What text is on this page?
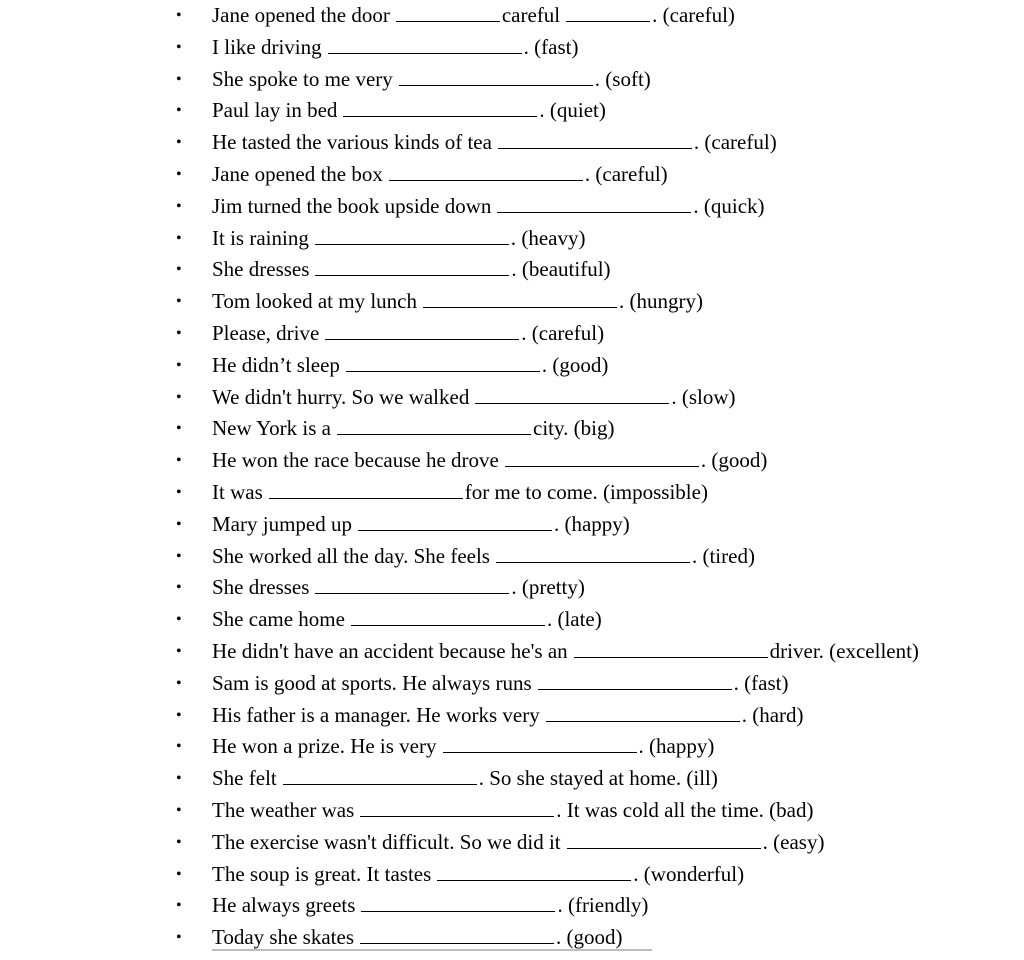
• Jane opened the door	careful	. (careful)
• I like driving	. (fast)
• She spoke to me very	. (soft)
• Paul lay in bed	. (quiet)
• He tasted the various kinds of tea	. (careful)
• Jane opened the box	. (careful)
• Jim turned the book upside down	. (quick)
• It is raining	. (heavy)
• She dresses	. (beautiful)
• Tom looked at my lunch	. (hungry)
• Please, drive	. (careful)
• He didn’t sleep	. (good)
• We didn't hurry. So we walked	. (slow)
• New York is a	city. (big)
• He won the race because he drove	. (good)
• It was	for me to come. (impossible)
• Mary jumped up	. (happy)
• She worked all the day. She feels	. (tired)
• She dresses	. (pretty)
• She came home	. (late)
• He didn't have an accident because he's an	driver. (excellent)
• Sam is good at sports. He always runs	. (fast)
• His father is a manager. He works very	. (hard)
• He won a prize. He is very	. (happy)
• She felt	. So she stayed at home. (ill)
• The weather was	. It was cold all the time. (bad)
• The exercise wasn't difficult. So we did it	. (easy)
• The soup is great. It tastes	. (wonderful)
• He always greets	. (friendly)
• Today she skates	. (good)
